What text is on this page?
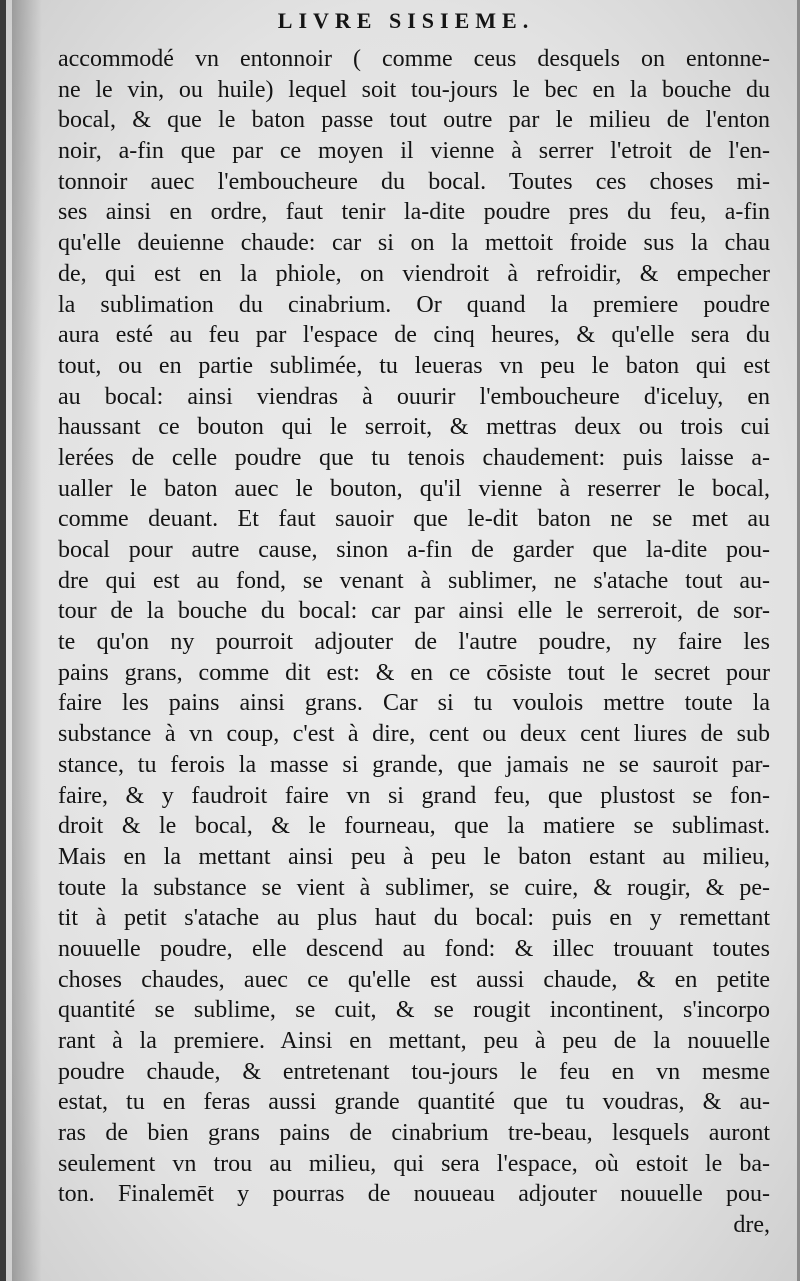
LIVRE SISIEME.
accommodé vn entonnoir ( comme ceus desquels on entonne-
ne le vin, ou huile) lequel soit tou-jours le bec en la bouche du
bocal, & que le baton passe tout outre par le milieu de l'enton
noir, a-fin que par ce moyen il vienne à serrer l'etroit de l'en-
tonnoir auec l'embouchеure du bocal. Toutes ces choses mi-
ses ainsi en ordre, faut tenir la-dite poudre pres du feu, a-fin
qu'elle deuienne chaude: car si on la mettoit froide sus la chau
de, qui est en la phiole, on viendroit à refroidir, & empecher
la sublimation du cinabrium. Or quand la premiere poudre
aura esté au feu par l'espace de cinq heures, & qu'elle sera du
tout, ou en partie sublimée, tu leueras vn peu le baton qui est
au bocal: ainsi viendras à ouurir l'embouchеure d'iceluy, en
haussant ce bouton qui le serroit, & mettras deux ou trois cui
lerées de celle poudre que tu tenois chaudement: puis laisse a-
ualler le baton auec le bouton, qu'il vienne à reserrer le bocal,
comme deuant. Et faut sauoir que le-dit baton ne se met au
bocal pour autre cause, sinon a-fin de garder que la-dite pou-
dre qui est au fond, se venant à sublimer, ne s'atache tout au-
tour de la bouche du bocal: car par ainsi elle le serreroit, de sor-
te qu'on ny pourroit adjouter de l'autre poudre, ny faire les
pains grans, comme dit est: & en ce cōsiste tout le secret pour
faire les pains ainsi grans. Car si tu voulois mettre toute la
substance à vn coup, c'est à dire, cent ou deux cent liures de sub
stance, tu ferois la masse si grande, que jamais ne se sauroit par-
faire, & y faudroit faire vn si grand feu, que plustost se fon-
droit & le bocal, & le fourneau, que la matiere se sublimast.
Mais en la mettant ainsi peu à peu le baton estant au milieu,
toute la substance se vient à sublimer, se cuire, & rougir, & pe-
tit à petit s'atache au plus haut du bocal: puis en y remettant
nouuelle poudre, elle descend au fond: & illec trouuant toutes
choses chaudes, auec ce qu'elle est aussi chaude, & en petite
quantité se sublime, se cuit, & se rougit incontinent, s'incorpo
rant à la premiere. Ainsi en mettant, peu à peu de la nouuelle
poudre chaude, & entretenant tou-jours le feu en vn mesme
estat, tu en feras aussi grande quantité que tu voudras, & au-
ras de bien grans pains de cinabrium tre-beau, lesquels auront
seulement vn trou au milieu, qui sera l'espace, où estoit le ba-
ton. Finalemēt y pourras de nouueau adjouter nouuelle pou-
dre,
